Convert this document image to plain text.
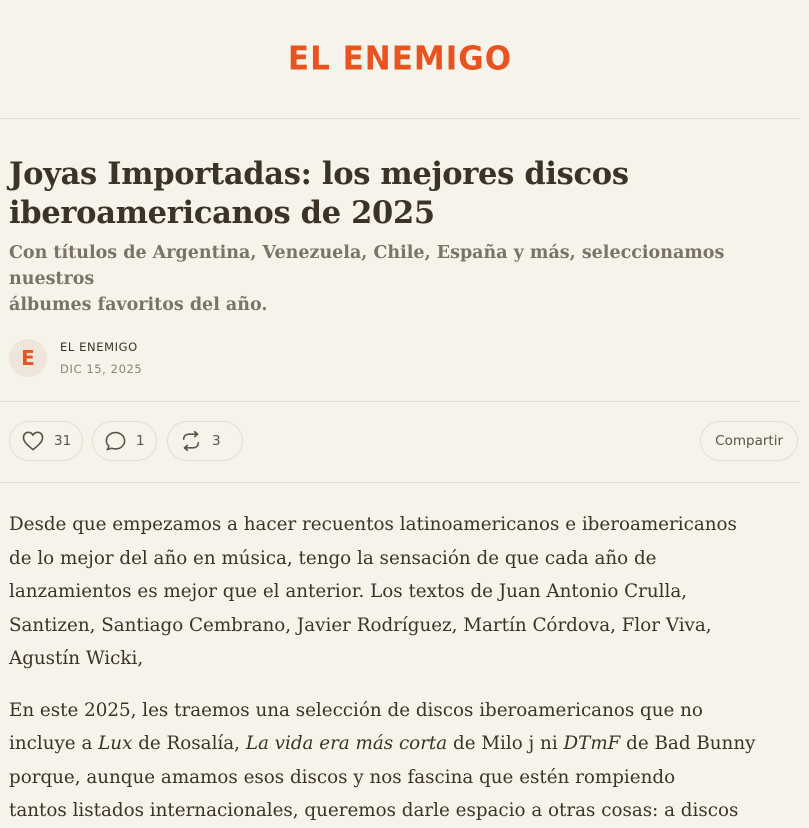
EL ENEMIGO
Joyas Importadas: los mejores discos
iberoamericanos de 2025
Con títulos de Argentina, Venezuela, Chile, España y más, seleccionamos nuestros
álbumes favoritos del año.
E EL ENEMIGO
DIC 15, 2025
31	1	3	Compartir

Desde que empezamos a hacer recuentos latinoamericanos e iberoamericanos
de lo mejor del año en música, tengo la sensación de que cada año de
lanzamientos es mejor que el anterior. Los textos de Juan Antonio Crulla,
Santizen, Santiago Cembrano, Javier Rodríguez, Martín Córdova, Flor Viva,
Agustín Wicki,

En este 2025, les traemos una selección de discos iberoamericanos que no
incluye a Lux de Rosalía, La vida era más corta de Milo j ni DTmF de Bad Bunny
porque, aunque amamos esos discos y nos fascina que estén rompiendo
tantos listados internacionales, queremos darle espacio a otras cosas: a discos
